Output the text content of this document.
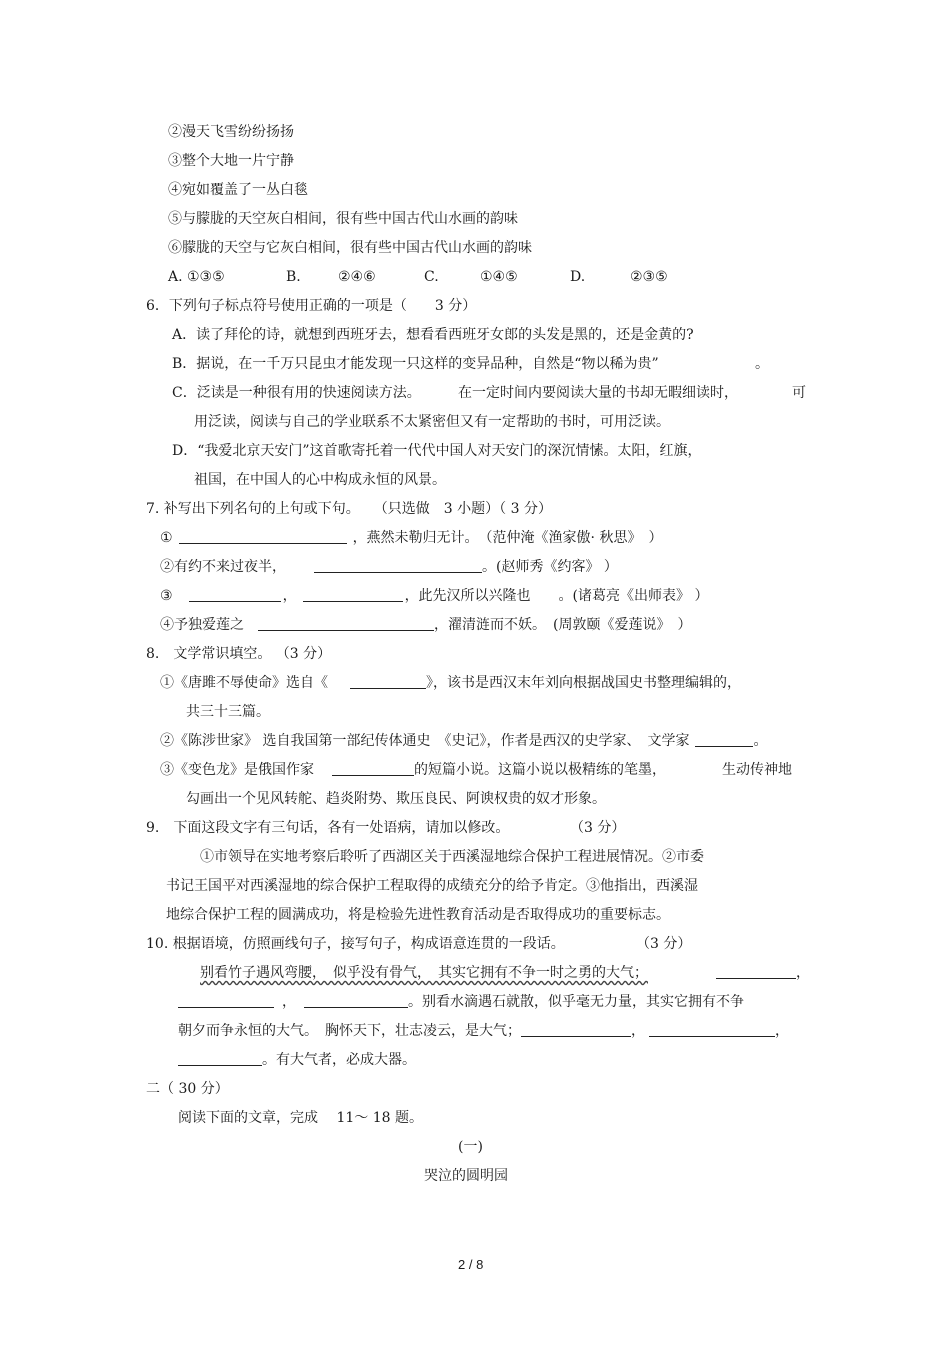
②漫天飞雪纷纷扬扬
③整个大地一片宁静
④宛如覆盖了一丛白毯
⑤与朦胧的天空灰白相间，很有些中国古代山水画的韵味
⑥朦胧的天空与它灰白相间，很有些中国古代山水画的韵味
A. ①③⑤	B.	②④⑥	C.	①④⑤	D.	②③⑤
6．下列句子标点符号使用正确的一项是（　　3 分）
A．读了拜伦的诗，就想到西班牙去，想看看西班牙女郎的头发是黑的，还是金黄的?
B．据说，在一千万只昆虫才能发现一只这样的变异品种，自然是“物以稀为贵”	。
C．泛读是一种很有用的快速阅读方法。	在一定时间内要阅读大量的书却无暇细读时，	可
用泛读，阅读与自己的学业联系不太紧密但又有一定帮助的书时，可用泛读。
D．“我爱北京天安门”这首歌寄托着一代代中国人对天安门的深沉情愫。太阳，红旗，
祖国，在中国人的心中构成永恒的风景。
7. 补写出下列名句的上句或下句。　　（只选做　3 小题）（ 3 分）
①	，燕然未勒归无计。　（范仲淹《渔家傲· 秋思》　）
②有约不来过夜半，	。(赵师秀《约客》 ）
③	，	，此先汉所以兴隆也　　。(诸葛亮《出师表》 ）
④予独爱莲之	，濯清涟而不妖。　(周敦颐《爱莲说》　）
8.　文学常识填空。 （3 分）
①《唐雎不辱使命》选自《	》，该书是西汉末年刘向根据战国史书整理编辑的，
共三十三篇。
②《陈涉世家》 选自我国第一部纪传体通史　《史记》，作者是西汉的史学家、　文学家	。
③《变色龙》是俄国作家	的短篇小说。这篇小说以极精练的笔墨，	生动传神地
勾画出一个见风转舵、趋炎附势、欺压良民、阿谀权贵的奴才形象。
9.　下面这段文字有三句话，各有一处语病，请加以修改。	（3 分）
①市领导在实地考察后聆听了西湖区关于西溪湿地综合保护工程进展情况。②市委
书记王国平对西溪湿地的综合保护工程取得的成绩充分的给予肯定。③他指出，西溪湿
地综合保护工程的圆满成功，将是检验先进性教育活动是否取得成功的重要标志。
10. 根据语境，仿照画线句子，接写句子，构成语意连贯的一段话。	（3 分）
别看竹子遇风弯腰，　似乎没有骨气，　其实它拥有不争一时之勇的大气；	，
，	。别看水滴遇石就散，似乎毫无力量，其实它拥有不争
朝夕而争永恒的大气。　胸怀天下，壮志凌云，是大气；	，	，
。有大气者，必成大器。
二（ 30 分）
阅读下面的文章，完成　 11～ 18 题。
(一)
哭泣的圆明园
2 / 8
